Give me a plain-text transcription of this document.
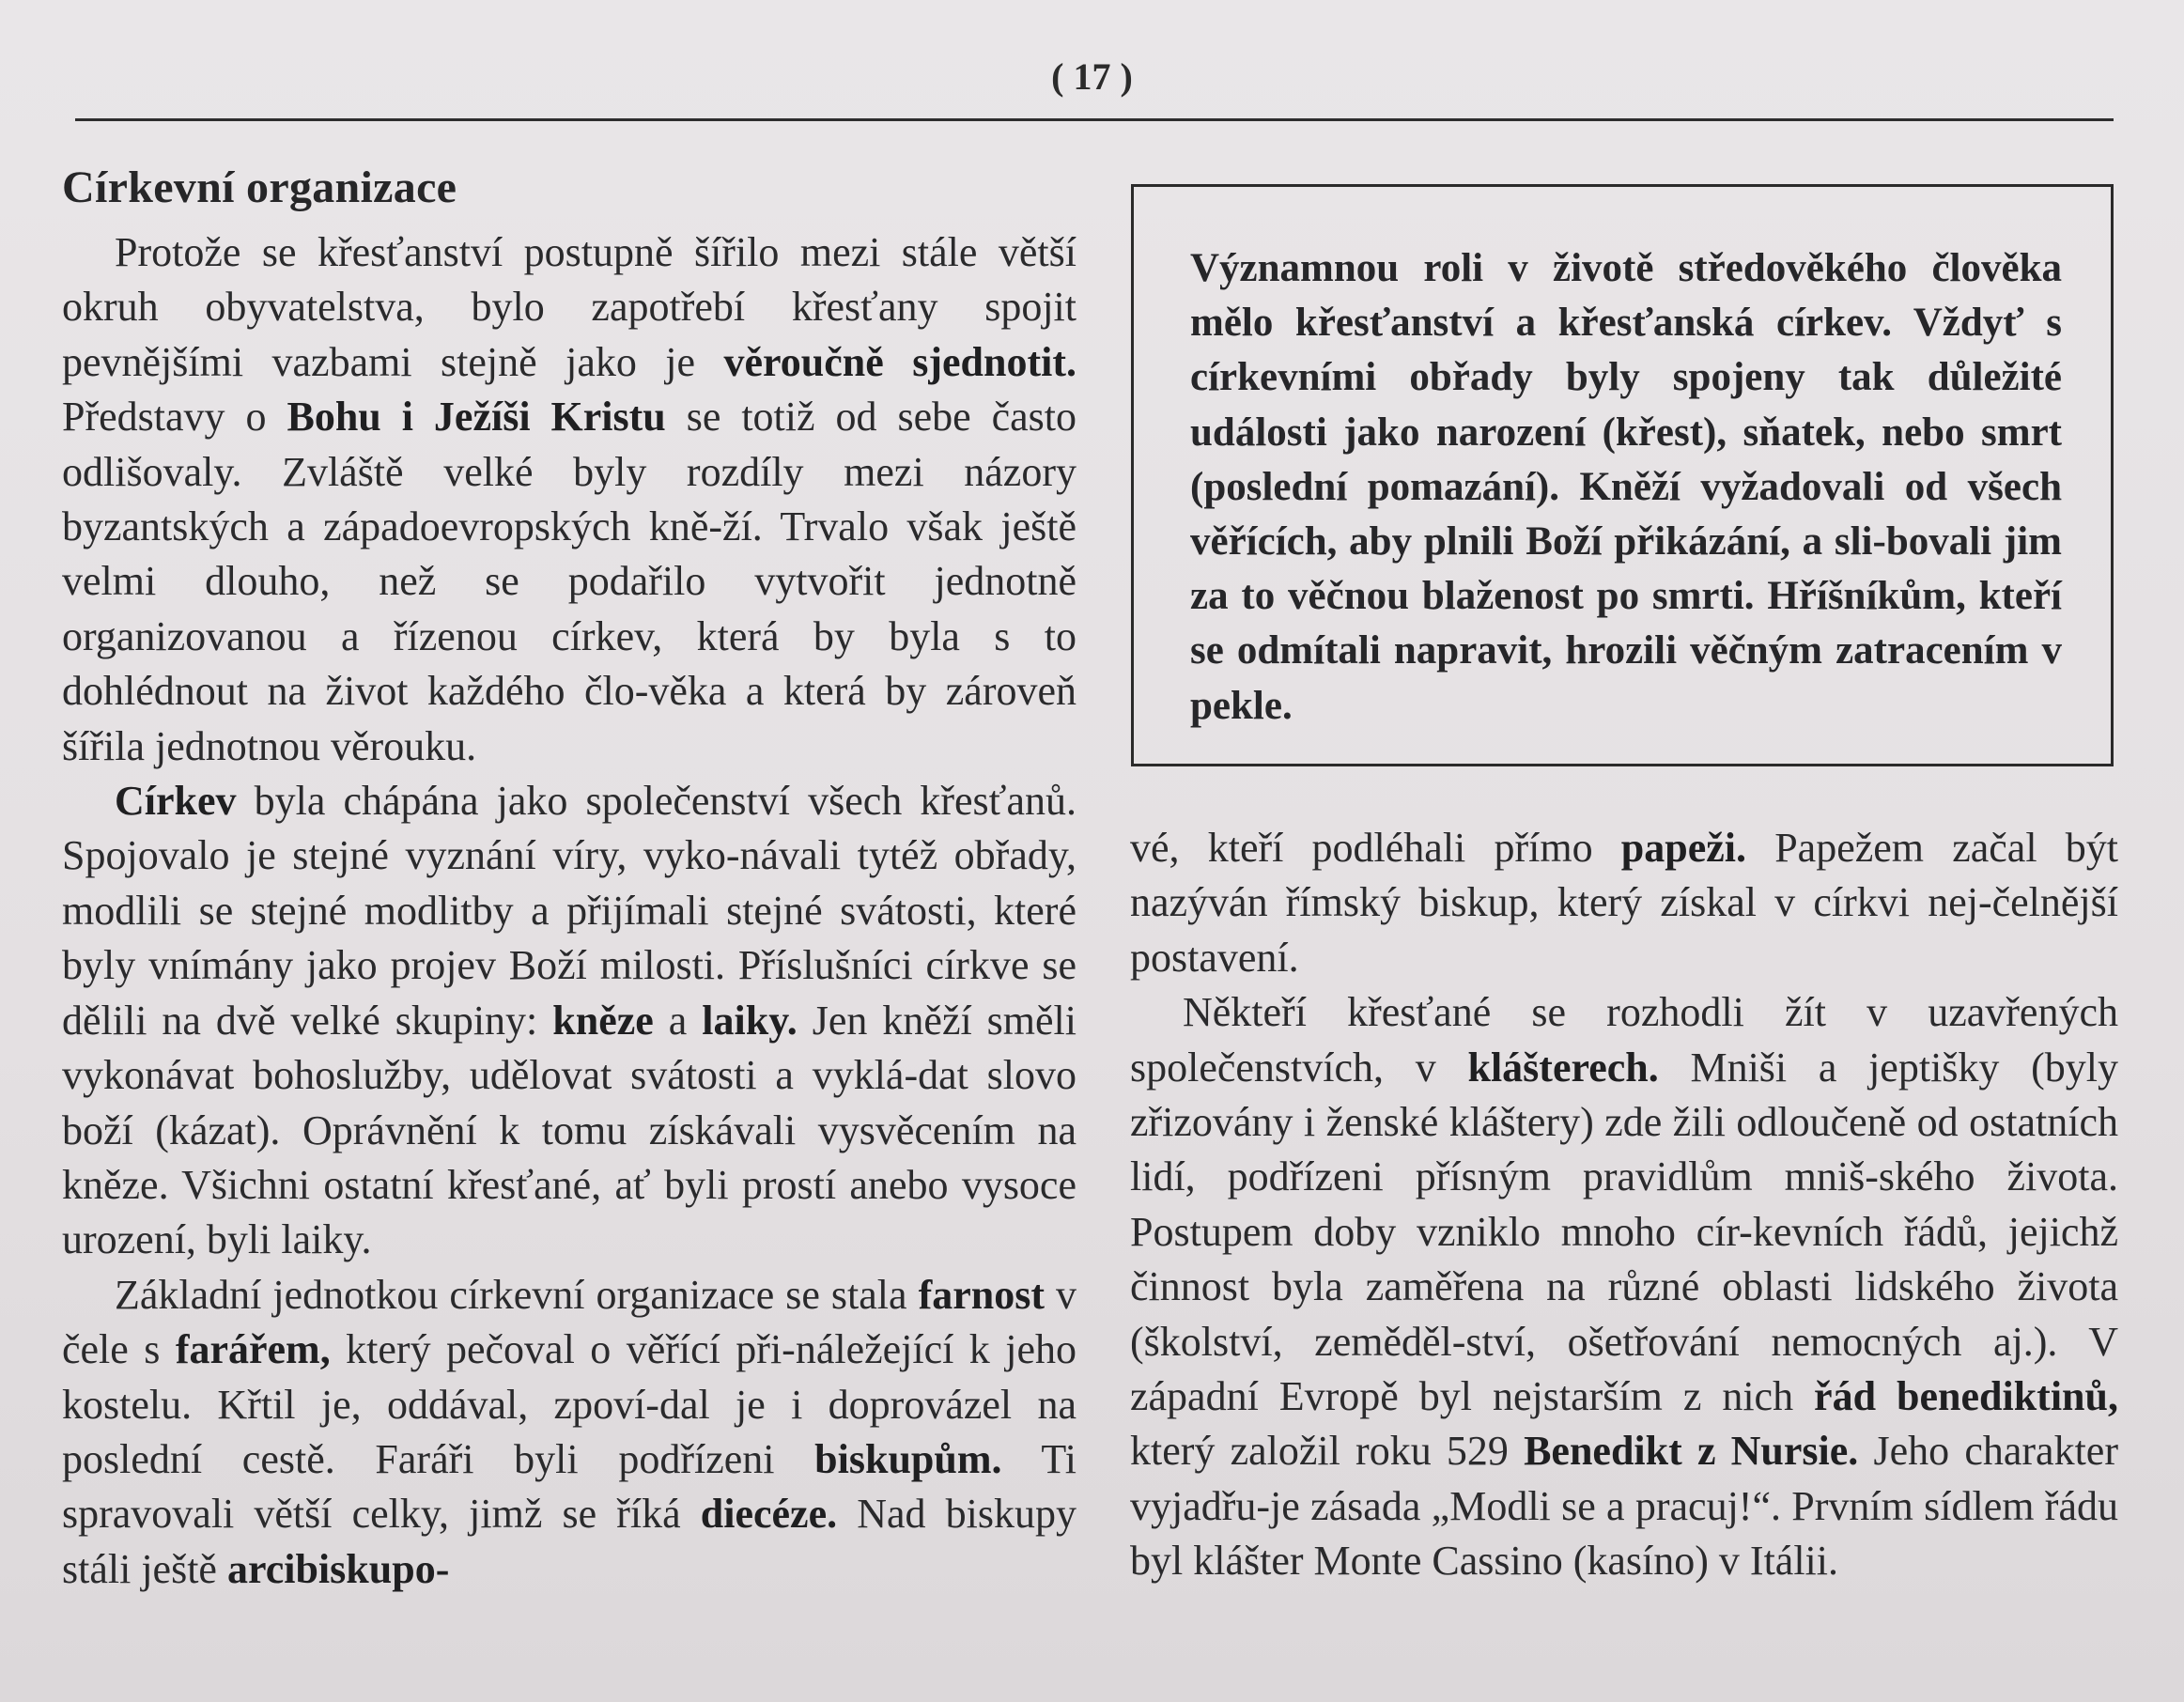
( 17 )
Církevní organizace

Protože se křesťanství postupně šířilo mezi stále větší okruh obyvatelstva, bylo zapotřebí křesťany spojit pevnějšími vazbami stejně jako je věroučně sjednotit. Představy o Bohu i Ježíši Kristu se totiž od sebe často odlišovaly. Zvláště velké byly rozdíly mezi názory byzantských a západoevropských kně-ží. Trvalo však ještě velmi dlouho, než se podařilo vytvořit jednotně organizovanou a řízenou církev, která by byla s to dohlédnout na život každého člo-věka a která by zároveň šířila jednotnou věrouku.

Církev byla chápána jako společenství všech křesťanů. Spojovalo je stejné vyznání víry, vyko-návali tytéž obřady, modlili se stejné modlitby a přijímali stejné svátosti, které byly vnímány jako projev Boží milosti. Příslušníci církve se dělili na dvě velké skupiny: kněze a laiky. Jen kněží směli vykonávat bohoslužby, udělovat svátosti a vyklá-dat slovo boží (kázat). Oprávnění k tomu získávali vysvěcením na kněze. Všichni ostatní křesťané, ať byli prostí anebo vysoce urození, byli laiky.

Základní jednotkou církevní organizace se stala farnost v čele s farářem, který pečoval o věřící při-náležející k jeho kostelu. Křtil je, oddával, zpoví-dal je i doprovázel na poslední cestě. Faráři byli podřízeni biskupům. Ti spravovali větší celky, jimž se říká diecéze. Nad biskupy stáli ještě arcibiskupo-

Významnou roli v životě středověkého člověka mělo křesťanství a křesťanská církev. Vždyť s církevními obřady byly spojeny tak důležité události jako narození (křest), sňatek, nebo smrt (poslední pomazání). Kněží vyžadovali od všech věřících, aby plnili Boží přikázání, a sli-bovali jim za to věčnou blaženost po smrti. Hříšníkům, kteří se odmítali napravit, hrozili věčným zatracením v pekle.

vé, kteří podléhali přímo papeži. Papežem začal být nazýván římský biskup, který získal v církvi nej-čelnější postavení.

Někteří křesťané se rozhodli žít v uzavřených společenstvích, v klášterech. Mniši a jeptišky (byly zřizovány i ženské kláštery) zde žili odloučeně od ostatních lidí, podřízeni přísným pravidlům mniš-ského života. Postupem doby vzniklo mnoho cír-kevních řádů, jejichž činnost byla zaměřena na různé oblasti lidského života (školství, zeměděl-ství, ošetřování nemocných aj.). V západní Evropě byl nejstarším z nich řád benediktinů, který založil roku 529 Benedikt z Nursie. Jeho charakter vyjadřu-je zásada „Modli se a pracuj!“. Prvním sídlem řádu byl klášter Monte Cassino (kasíno) v Itálii.
